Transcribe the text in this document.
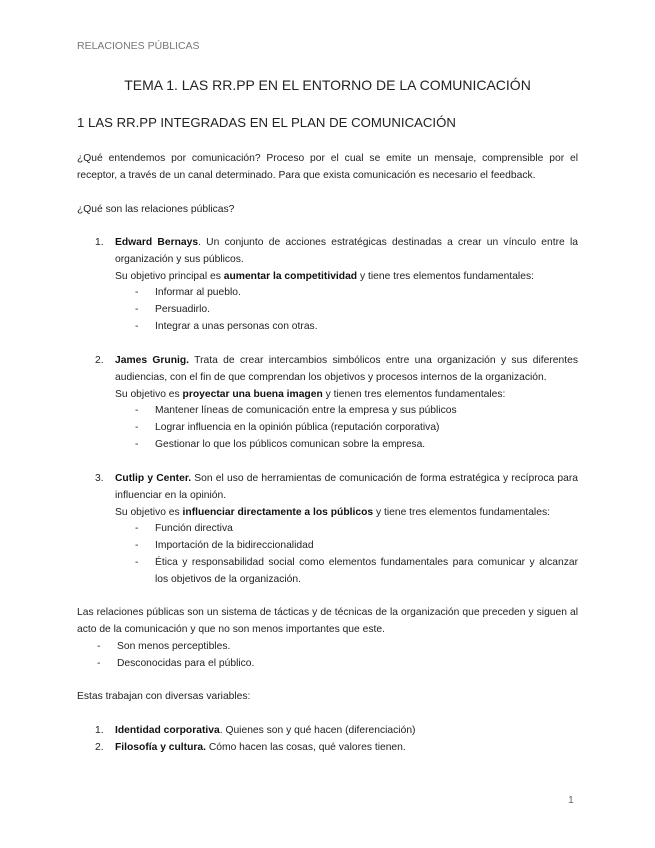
RELACIONES PÚBLICAS
TEMA 1. LAS RR.PP EN EL ENTORNO DE LA COMUNICACIÓN
1 LAS RR.PP INTEGRADAS EN EL PLAN DE COMUNICACIÓN
¿Qué entendemos por comunicación? Proceso por el cual se emite un mensaje, comprensible por el receptor, a través de un canal determinado. Para que exista comunicación es necesario el feedback.
¿Qué son las relaciones públicas?
1. Edward Bernays. Un conjunto de acciones estratégicas destinadas a crear un vínculo entre la organización y sus públicos.
Su objetivo principal es aumentar la competitividad y tiene tres elementos fundamentales:
- Informar al pueblo.
- Persuadirlo.
- Integrar a unas personas con otras.
2. James Grunig. Trata de crear intercambios simbólicos entre una organización y sus diferentes audiencias, con el fin de que comprendan los objetivos y procesos internos de la organización.
Su objetivo es proyectar una buena imagen y tienen tres elementos fundamentales:
- Mantener líneas de comunicación entre la empresa y sus públicos
- Lograr influencia en la opinión pública (reputación corporativa)
- Gestionar lo que los públicos comunican sobre la empresa.
3. Cutlip y Center. Son el uso de herramientas de comunicación de forma estratégica y recíproca para influenciar en la opinión.
Su objetivo es influenciar directamente a los públicos y tiene tres elementos fundamentales:
- Función directiva
- Importación de la bidireccionalidad
- Ética y responsabilidad social como elementos fundamentales para comunicar y alcanzar los objetivos de la organización.
Las relaciones públicas son un sistema de tácticas y de técnicas de la organización que preceden y siguen al acto de la comunicación y que no son menos importantes que este.
- Son menos perceptibles.
- Desconocidas para el público.
Estas trabajan con diversas variables:
1. Identidad corporativa. Quienes son y qué hacen (diferenciación)
2. Filosofía y cultura. Cómo hacen las cosas, qué valores tienen.
1
